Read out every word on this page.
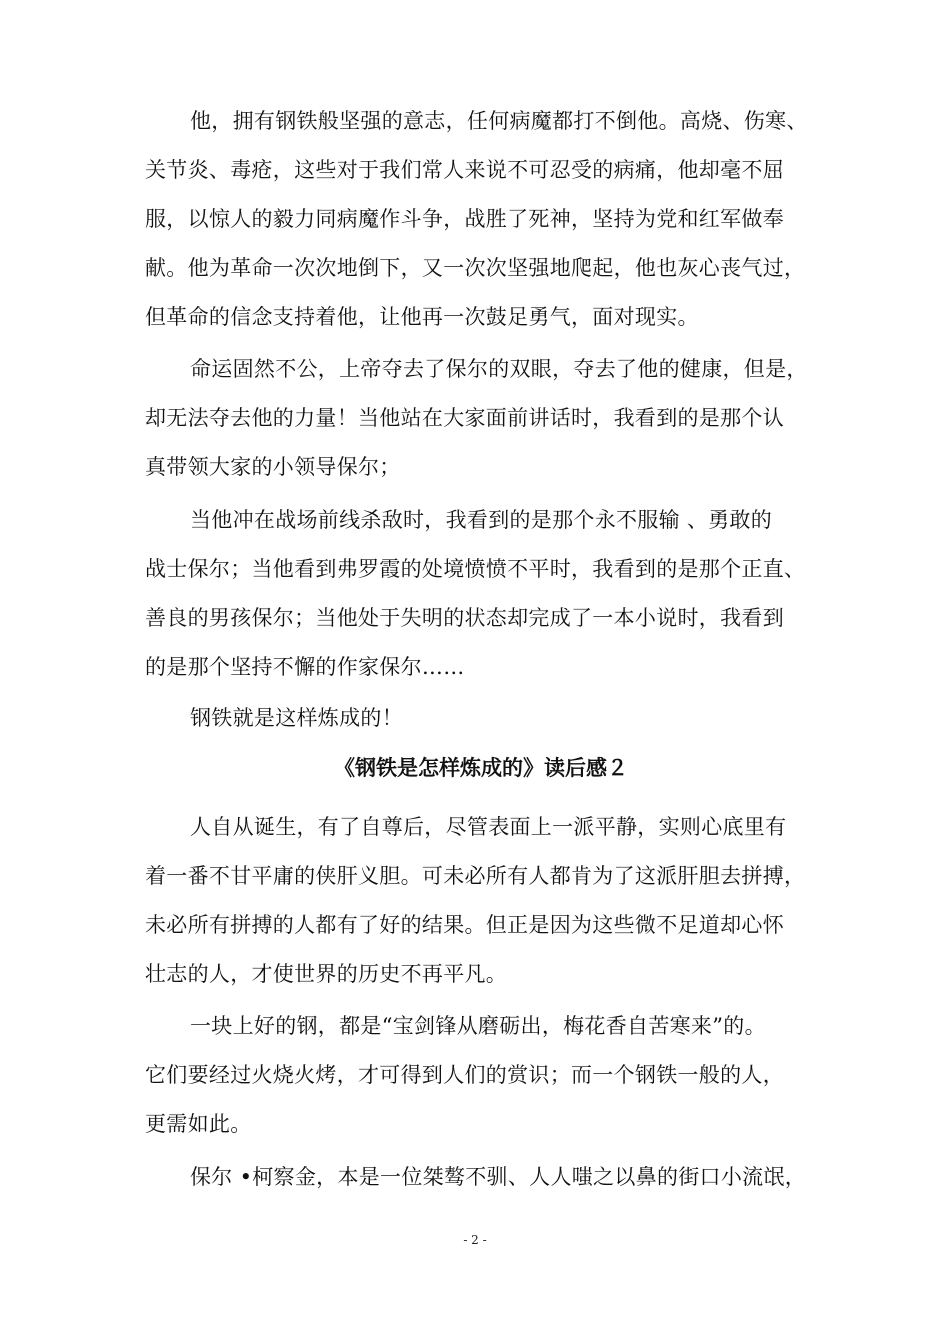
他，拥有钢铁般坚强的意志，任何病魔都打不倒他。高烧、伤寒、
关节炎、毒疮，这些对于我们常人来说不可忍受的病痛，他却毫不屈
服，以惊人的毅力同病魔作斗争，战胜了死神，坚持为党和红军做奉
献。他为革命一次次地倒下，又一次次坚强地爬起，他也灰心丧气过，
但革命的信念支持着他，让他再一次鼓足勇气，面对现实。
命运固然不公，上帝夺去了保尔的双眼，夺去了他的健康，但是，
却无法夺去他的力量！当他站在大家面前讲话时，我看到的是那个认
真带领大家的小领导保尔；
当他冲在战场前线杀敌时，我看到的是那个永不服输 、勇敢的
战士保尔；当他看到弗罗霞的处境愤愤不平时，我看到的是那个正直、
善良的男孩保尔；当他处于失明的状态却完成了一本小说时，我看到
的是那个坚持不懈的作家保尔……
钢铁就是这样炼成的！
《钢铁是怎样炼成的》读后感２
人自从诞生，有了自尊后，尽管表面上一派平静，实则心底里有
着一番不甘平庸的侠肝义胆。可未必所有人都肯为了这派肝胆去拼搏，
未必所有拼搏的人都有了好的结果。但正是因为这些微不足道却心怀
壮志的人，才使世界的历史不再平凡。
一块上好的钢，都是“宝剑锋从磨砺出，梅花香自苦寒来”的。
它们要经过火烧火烤，才可得到人们的赏识；而一个钢铁一般的人，
更需如此。
保尔 •柯察金，本是一位桀骜不驯、人人嗤之以鼻的街口小流氓，
- 2 -
